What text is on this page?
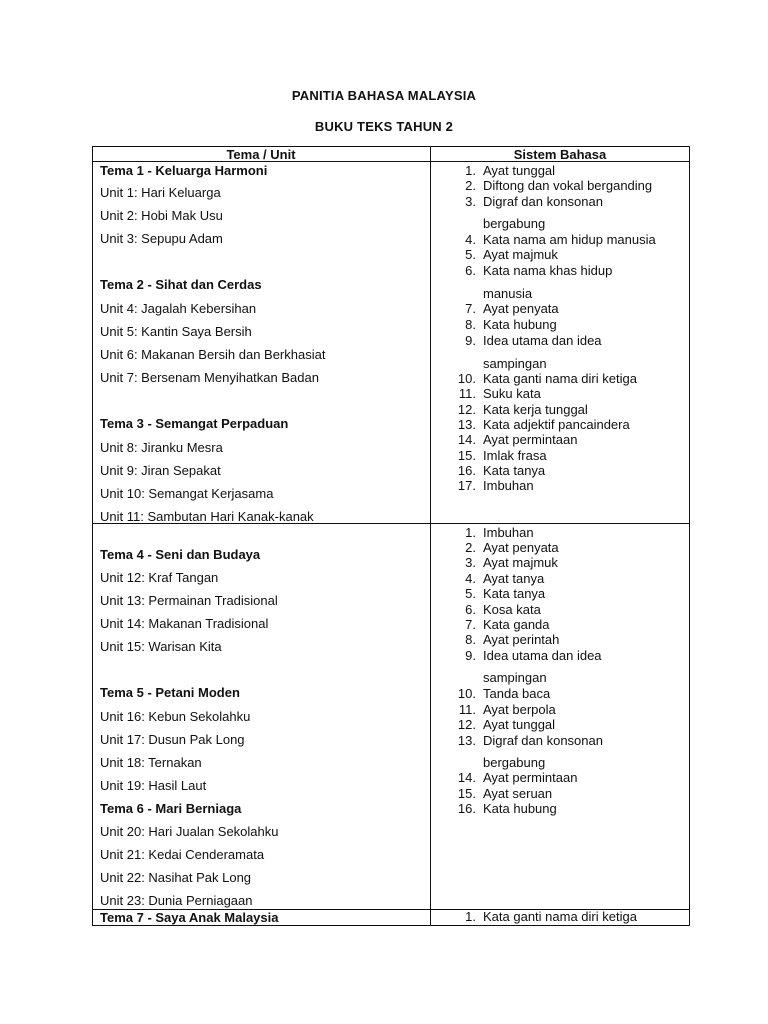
PANITIA BAHASA MALAYSIA
BUKU TEKS TAHUN 2
Tema / Unit	Sistem Bahasa
Tema 1 - Keluarga Harmoni
Unit 1: Hari Keluarga
Unit 2: Hobi Mak Usu
Unit 3: Sepupu Adam
Tema 2 - Sihat dan Cerdas
Unit 4: Jagalah Kebersihan
Unit 5: Kantin Saya Bersih
Unit 6: Makanan Bersih dan Berkhasiat
Unit 7: Bersenam Menyihatkan Badan
Tema 3 - Semangat Perpaduan
Unit 8: Jiranku Mesra
Unit 9: Jiran Sepakat
Unit 10: Semangat Kerjasama
Unit 11: Sambutan Hari Kanak-kanak
Tema 4 - Seni dan Budaya
Unit 12: Kraf Tangan
Unit 13: Permainan Tradisional
Unit 14: Makanan Tradisional
Unit 15: Warisan Kita
Tema 5 - Petani Moden
Unit 16: Kebun Sekolahku
Unit 17: Dusun Pak Long
Unit 18: Ternakan
Unit 19: Hasil Laut
Tema 6 - Mari Berniaga
Unit 20: Hari Jualan Sekolahku
Unit 21: Kedai Cenderamata
Unit 22: Nasihat Pak Long
Unit 23: Dunia Perniagaan
Tema 7 - Saya Anak Malaysia
1. Ayat tunggal
2. Diftong dan vokal berganding
3. Digraf dan konsonan
bergabung
4. Kata nama am hidup manusia
5. Ayat majmuk
6. Kata nama khas hidup
manusia
7. Ayat penyata
8. Kata hubung
9. Idea utama dan idea
sampingan
10. Kata ganti nama diri ketiga
11. Suku kata
12. Kata kerja tunggal
13. Kata adjektif pancaindera
14. Ayat permintaan
15. Imlak frasa
16. Kata tanya
17. Imbuhan
1. Imbuhan
2. Ayat penyata
3. Ayat majmuk
4. Ayat tanya
5. Kata tanya
6. Kosa kata
7. Kata ganda
8. Ayat perintah
9. Idea utama dan idea
sampingan
10. Tanda baca
11. Ayat berpola
12. Ayat tunggal
13. Digraf dan konsonan
bergabung
14. Ayat permintaan
15. Ayat seruan
16. Kata hubung
1. Kata ganti nama diri ketiga
